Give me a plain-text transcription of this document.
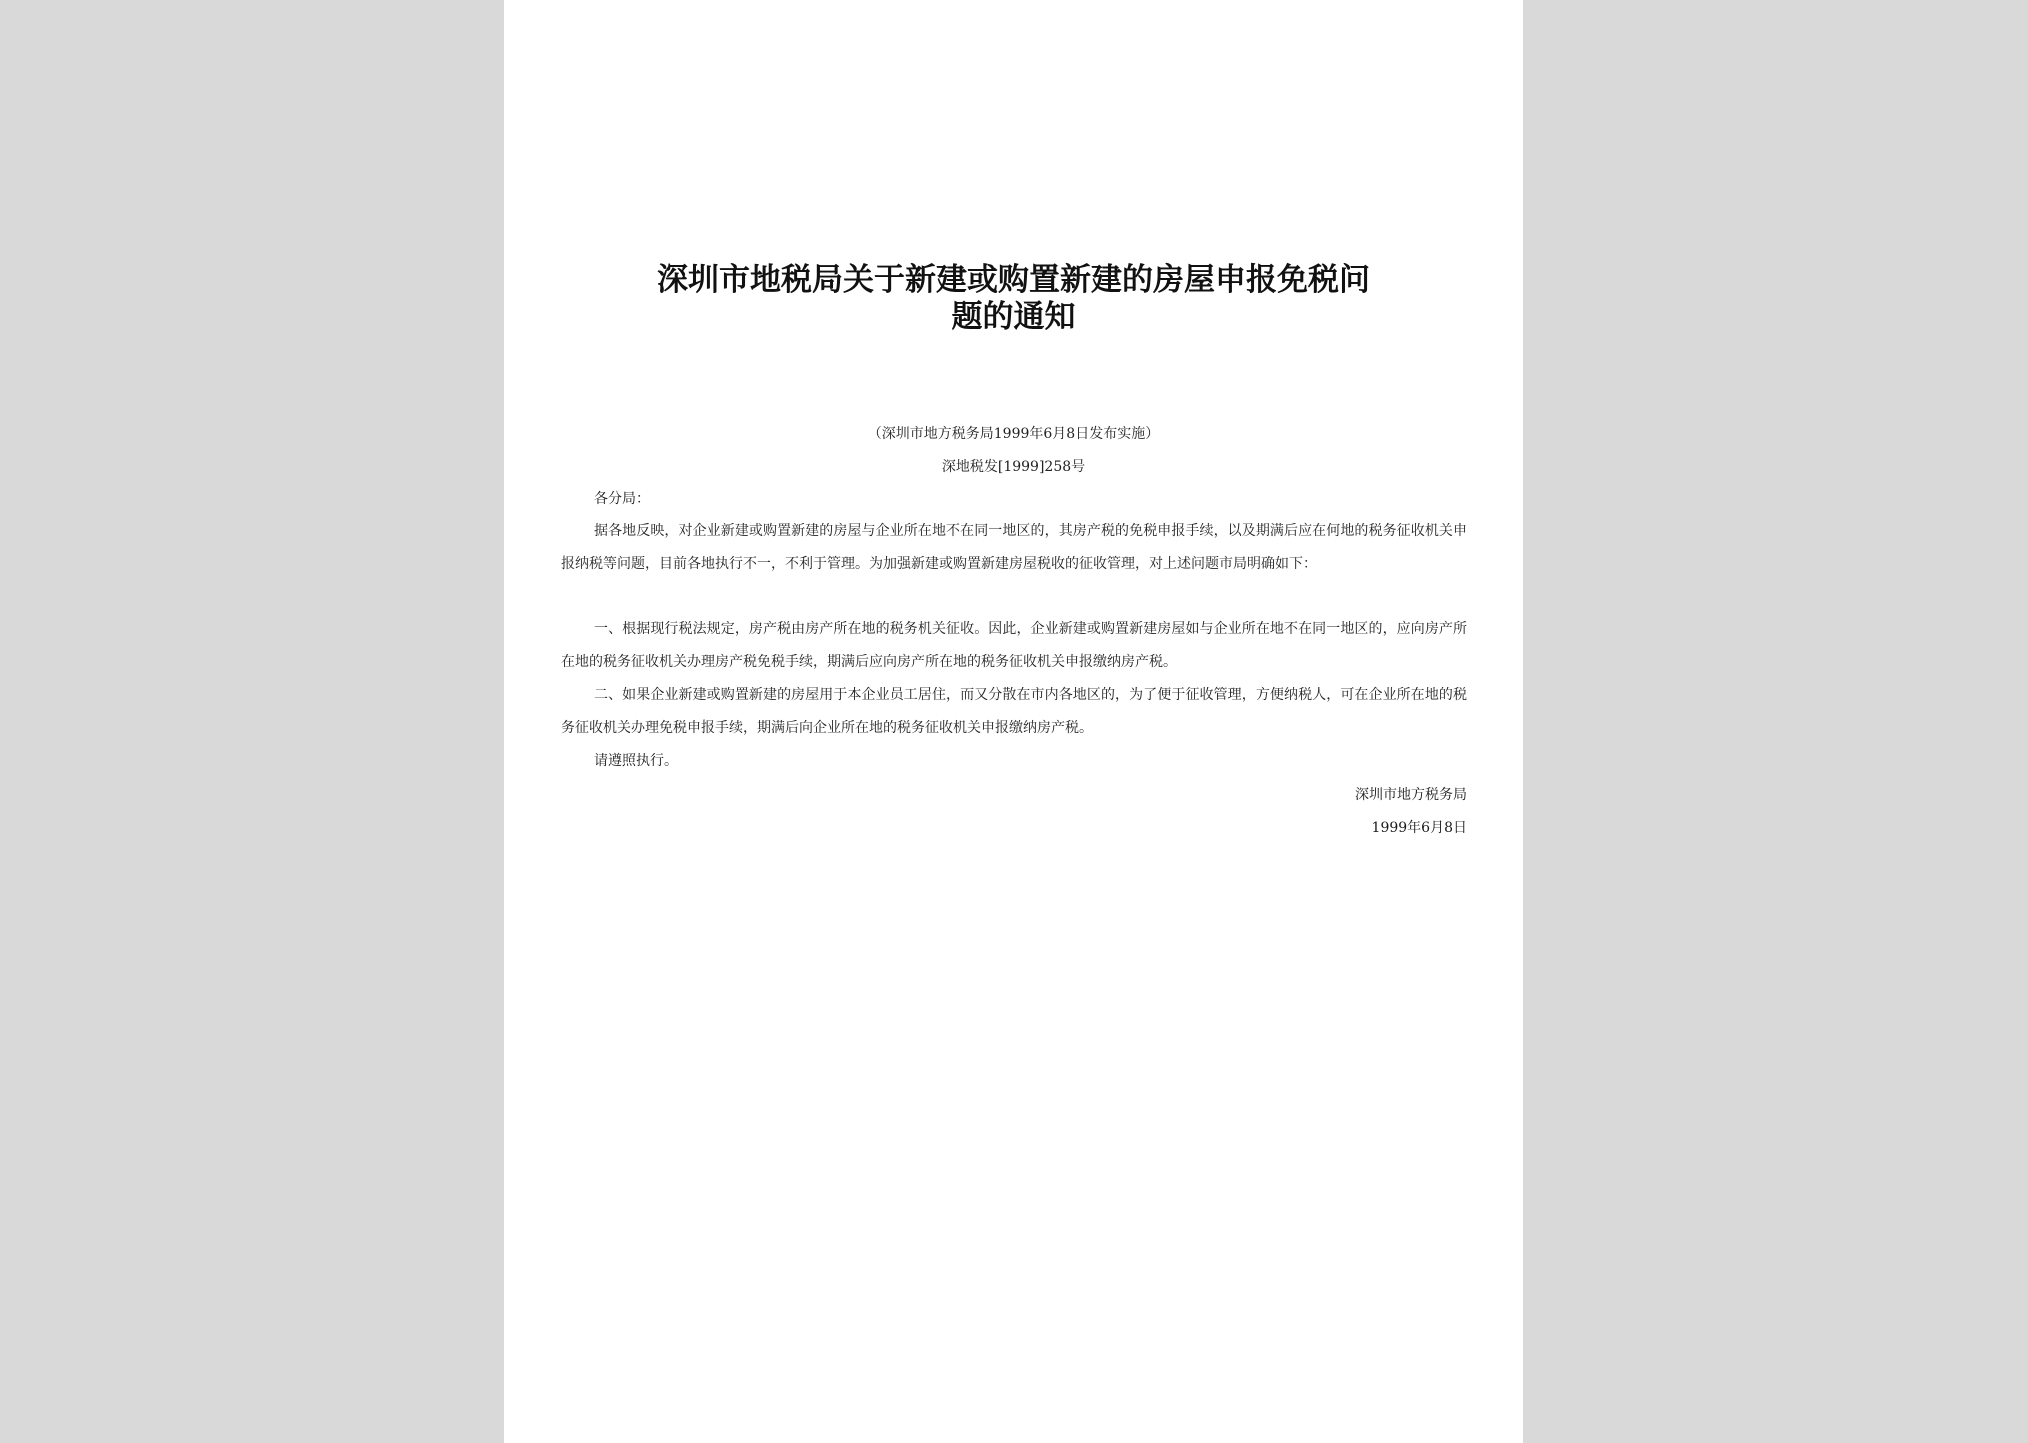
深圳市地税局关于新建或购置新建的房屋申报免税问
题的通知
（深圳市地方税务局1999年6月8日发布实施）
深地税发[1999]258号
各分局：
据各地反映，对企业新建或购置新建的房屋与企业所在地不在同一地区的，其房产税的免税申报手续，以及期满后应在何地的税务征收机关申报纳税等问题，目前各地执行不一，不利于管理。为加强新建或购置新建房屋税收的征收管理，对上述问题市局明确如下：
一、根据现行税法规定，房产税由房产所在地的税务机关征收。因此，企业新建或购置新建房屋如与企业所在地不在同一地区的，应向房产所在地的税务征收机关办理房产税免税手续，期满后应向房产所在地的税务征收机关申报缴纳房产税。
二、如果企业新建或购置新建的房屋用于本企业员工居住，而又分散在市内各地区的，为了便于征收管理，方便纳税人，可在企业所在地的税务征收机关办理免税申报手续，期满后向企业所在地的税务征收机关申报缴纳房产税。
请遵照执行。
深圳市地方税务局
1999年6月8日
